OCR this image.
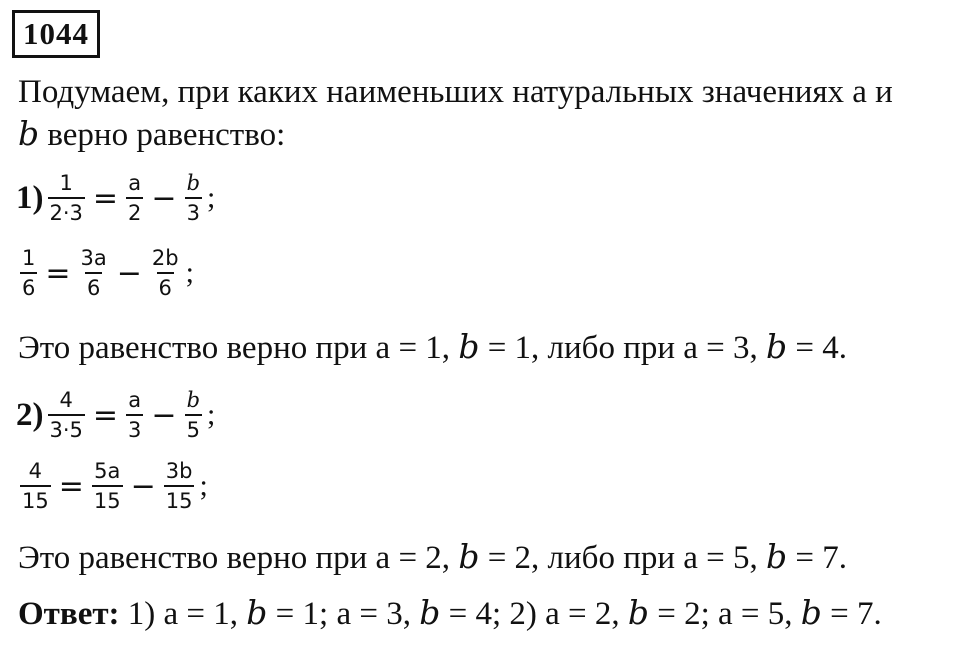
1044
Подумаем, при каких наименьших натуральных значениях а и
b верно равенство:
$1) \frac{1}{2\cdot 3} = \frac{a}{2} - \frac{b}{3}$ ;
$\frac{1}{6} = \frac{3a}{6} - \frac{2b}{6}$ ;
Это равенство верно при а = 1, b = 1, либо при а = 3, b = 4.
$2) \frac{4}{3\cdot 5} = \frac{a}{3} - \frac{b}{5}$ ;
$\frac{4}{15} = \frac{5a}{15} - \frac{3b}{15}$ ;
Это равенство верно при а = 2, b = 2, либо при а = 5, b = 7.
Ответ: 1) а = 1, b = 1; а = 3, b = 4; 2) а = 2, b = 2; а = 5, b = 7.
